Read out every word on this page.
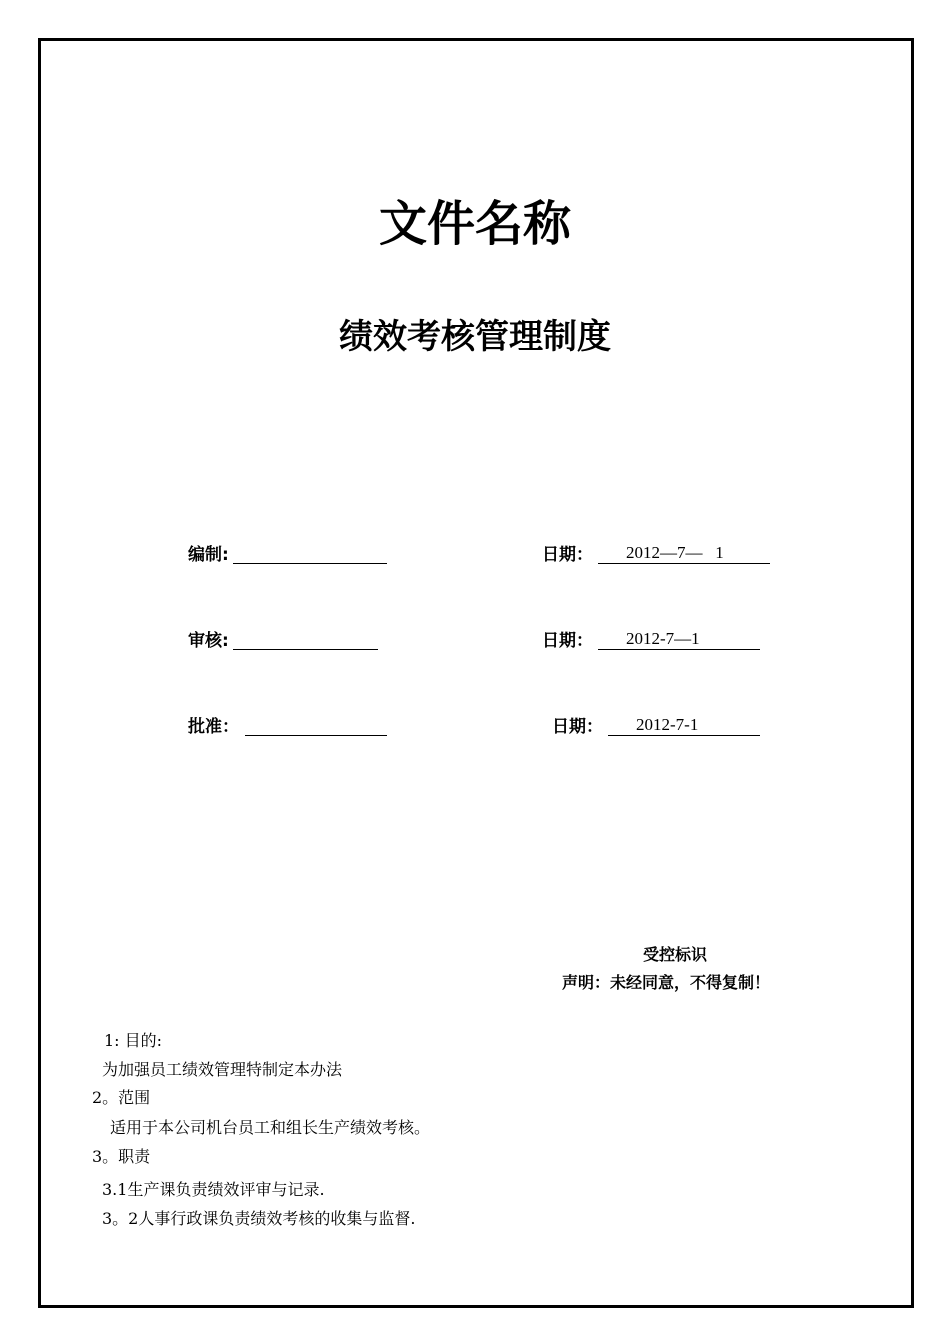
文件名称
绩效考核管理制度
编制:	日期： 2012—7—   1
审核:	日期： 2012-7—1
批准：	日期： 2012-7-1
受控标识
声明：未经同意，不得复制！
1: 目的:
为加强员工绩效管理特制定本办法
2。范围
适用于本公司机台员工和组长生产绩效考核。
3。职责
3.1生产课负责绩效评审与记录.
3。2人事行政课负责绩效考核的收集与监督.
